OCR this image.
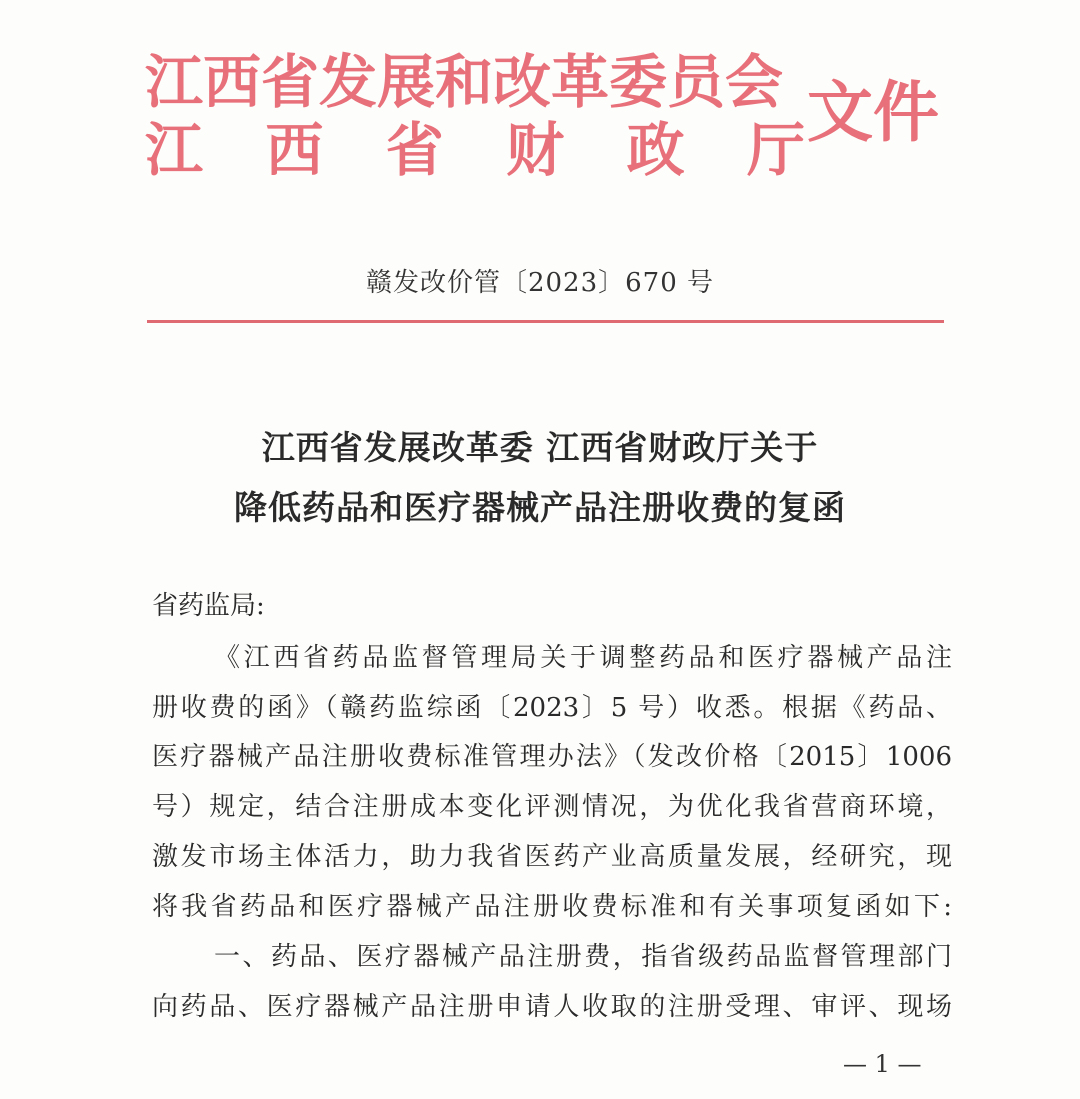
江西省发展和改革委员会
江 西 省 财 政 厅 文件
赣发改价管〔2023〕670 号
江西省发展改革委 江西省财政厅关于
降低药品和医疗器械产品注册收费的复函
省药监局:
《江西省药品监督管理局关于调整药品和医疗器械产品注
册收费的函》（赣药监综函〔2023〕5 号）收悉。根据《药品、
医疗器械产品注册收费标准管理办法》（发改价格〔2015〕1006
号）规定，结合注册成本变化评测情况，为优化我省营商环境，
激发市场主体活力，助力我省医药产业高质量发展，经研究，现
将我省药品和医疗器械产品注册收费标准和有关事项复函如下:
一、药品、医疗器械产品注册费，指省级药品监督管理部门
向药品、医疗器械产品注册申请人收取的注册受理、审评、现场
— 1 —
